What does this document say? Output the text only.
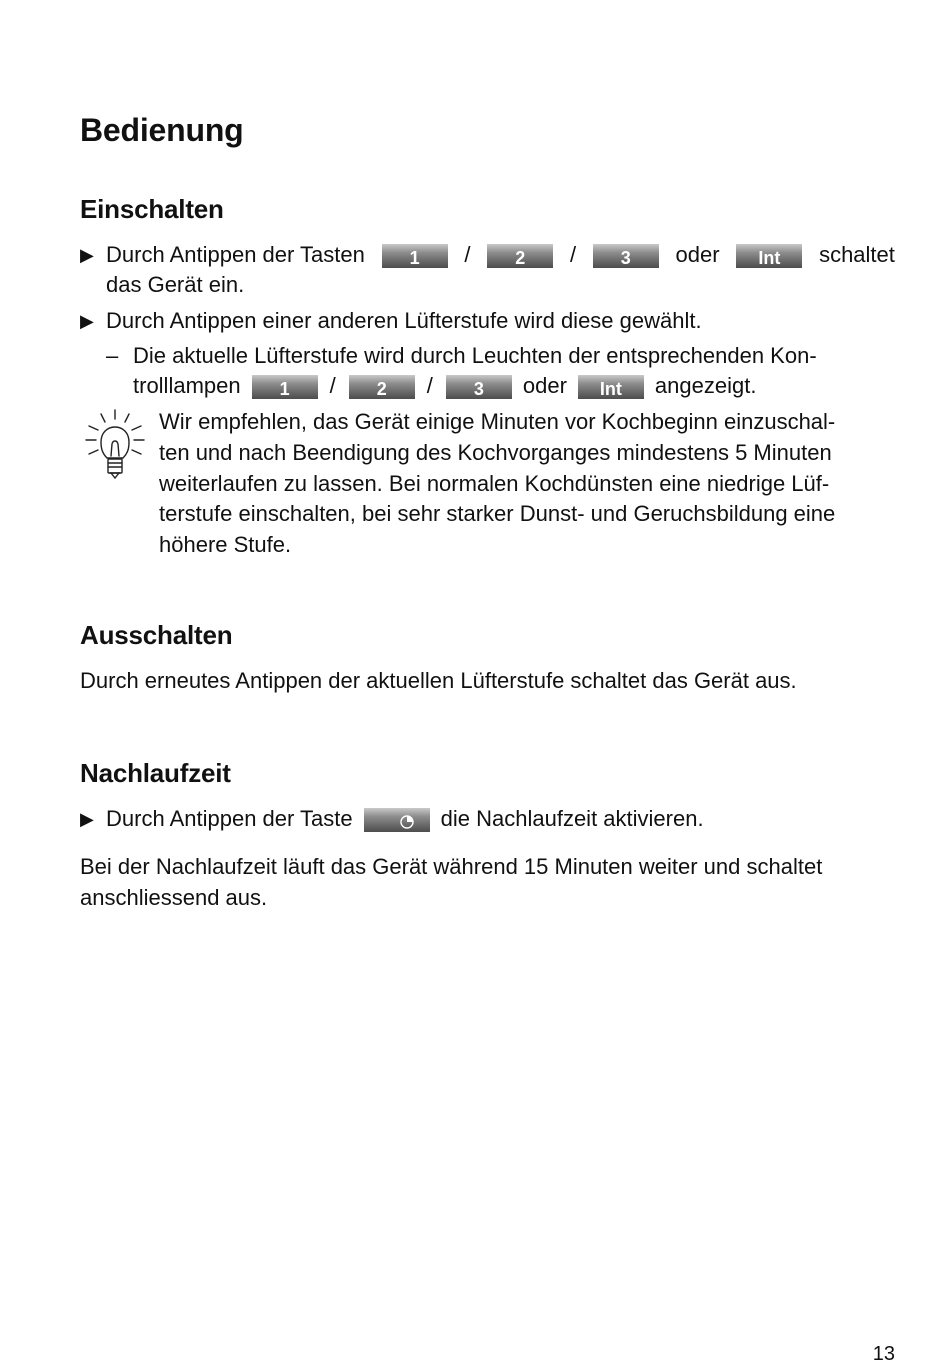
Bedienung
Einschalten
▶ Durch Antippen der Tasten	1	/	2	/	3	oder	Int	schaltet
das Gerät ein.
▶ Durch Antippen einer anderen Lüfterstufe wird diese gewählt.
– Die aktuelle Lüfterstufe wird durch Leuchten der entsprechenden Kon-
trolllampen	1	/	2	/	3	oder	Int	angezeigt.
Wir empfehlen, das Gerät einige Minuten vor Kochbeginn einzuschal-
ten und nach Beendigung des Kochvorganges mindestens 5 Minuten
weiterlaufen zu lassen. Bei normalen Kochdünsten eine niedrige Lüf-
terstufe einschalten, bei sehr starker Dunst- und Geruchsbildung eine
höhere Stufe.
Ausschalten
Durch erneutes Antippen der aktuellen Lüfterstufe schaltet das Gerät aus.
Nachlaufzeit
▶ Durch Antippen der Taste	die Nachlaufzeit aktivieren.
Bei der Nachlaufzeit läuft das Gerät während 15 Minuten weiter und schaltet
anschliessend aus.
13
